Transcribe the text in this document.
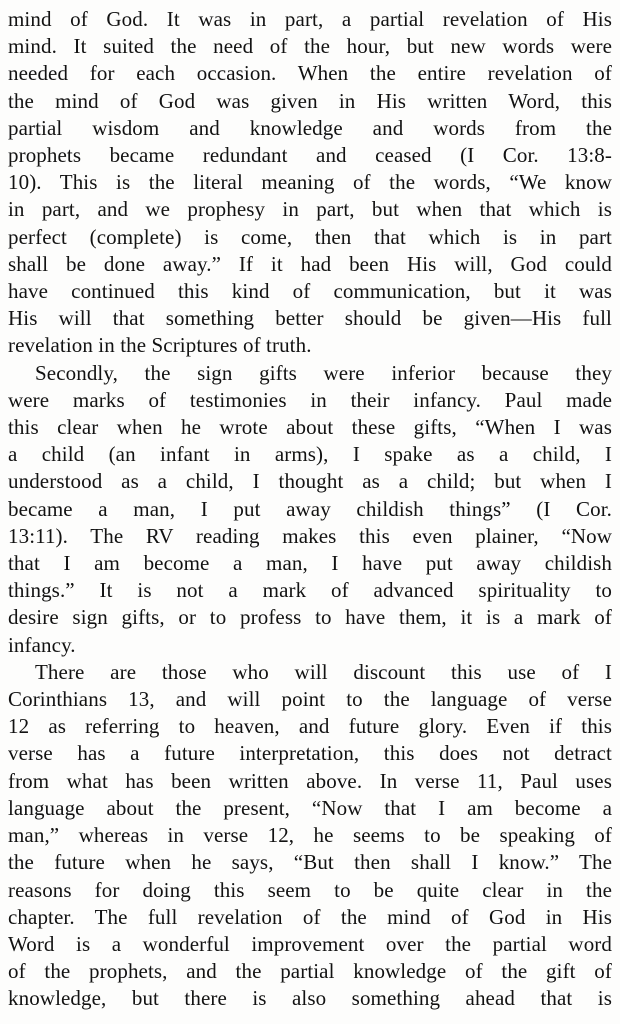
mind of God. It was in part, a partial revelation of His
mind. It suited the need of the hour, but new words were
needed for each occasion. When the entire revelation of
the mind of God was given in His written Word, this
partial wisdom and knowledge and words from the
prophets became redundant and ceased (I Cor. 13:8-
10). This is the literal meaning of the words, “We know
in part, and we prophesy in part, but when that which is
perfect (complete) is come, then that which is in part
shall be done away.” If it had been His will, God could
have continued this kind of communication, but it was
His will that something better should be given—His full
revelation in the Scriptures of truth.
Secondly, the sign gifts were inferior because they
were marks of testimonies in their infancy. Paul made
this clear when he wrote about these gifts, “When I was
a child (an infant in arms), I spake as a child, I
understood as a child, I thought as a child; but when I
became a man, I put away childish things” (I Cor.
13:11). The RV reading makes this even plainer, “Now
that I am become a man, I have put away childish
things.” It is not a mark of advanced spirituality to
desire sign gifts, or to profess to have them, it is a mark of
infancy.
There are those who will discount this use of I
Corinthians 13, and will point to the language of verse
12 as referring to heaven, and future glory. Even if this
verse has a future interpretation, this does not detract
from what has been written above. In verse 11, Paul uses
language about the present, “Now that I am become a
man,” whereas in verse 12, he seems to be speaking of
the future when he says, “But then shall I know.” The
reasons for doing this seem to be quite clear in the
chapter. The full revelation of the mind of God in His
Word is a wonderful improvement over the partial word
of the prophets, and the partial knowledge of the gift of
knowledge, but there is also something ahead that is
